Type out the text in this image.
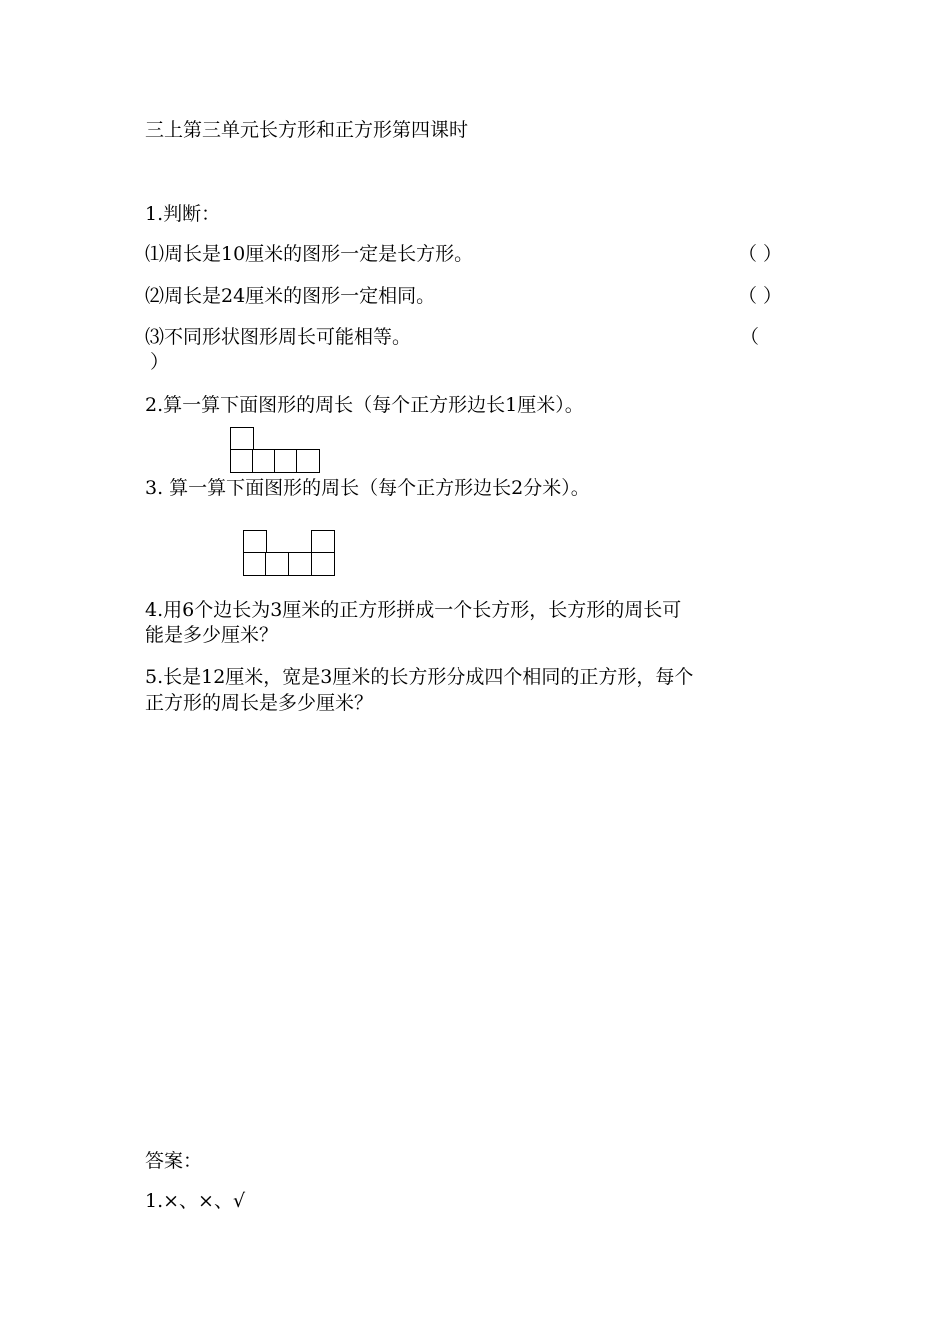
三上第三单元长方形和正方形第四课时
1.判断：
⑴周长是10厘米的图形一定是长方形。	（ ）
⑵周长是24厘米的图形一定相同。	（ ）
⑶不同形状图形周长可能相等。	（
）
2.算一算下面图形的周长（每个正方形边长1厘米）。
3. 算一算下面图形的周长（每个正方形边长2分米）。
4.用6个边长为3厘米的正方形拼成一个长方形，长方形的周长可
能是多少厘米？
5.长是12厘米，宽是3厘米的长方形分成四个相同的正方形，每个
正方形的周长是多少厘米？
答案：
1.×、×、√
